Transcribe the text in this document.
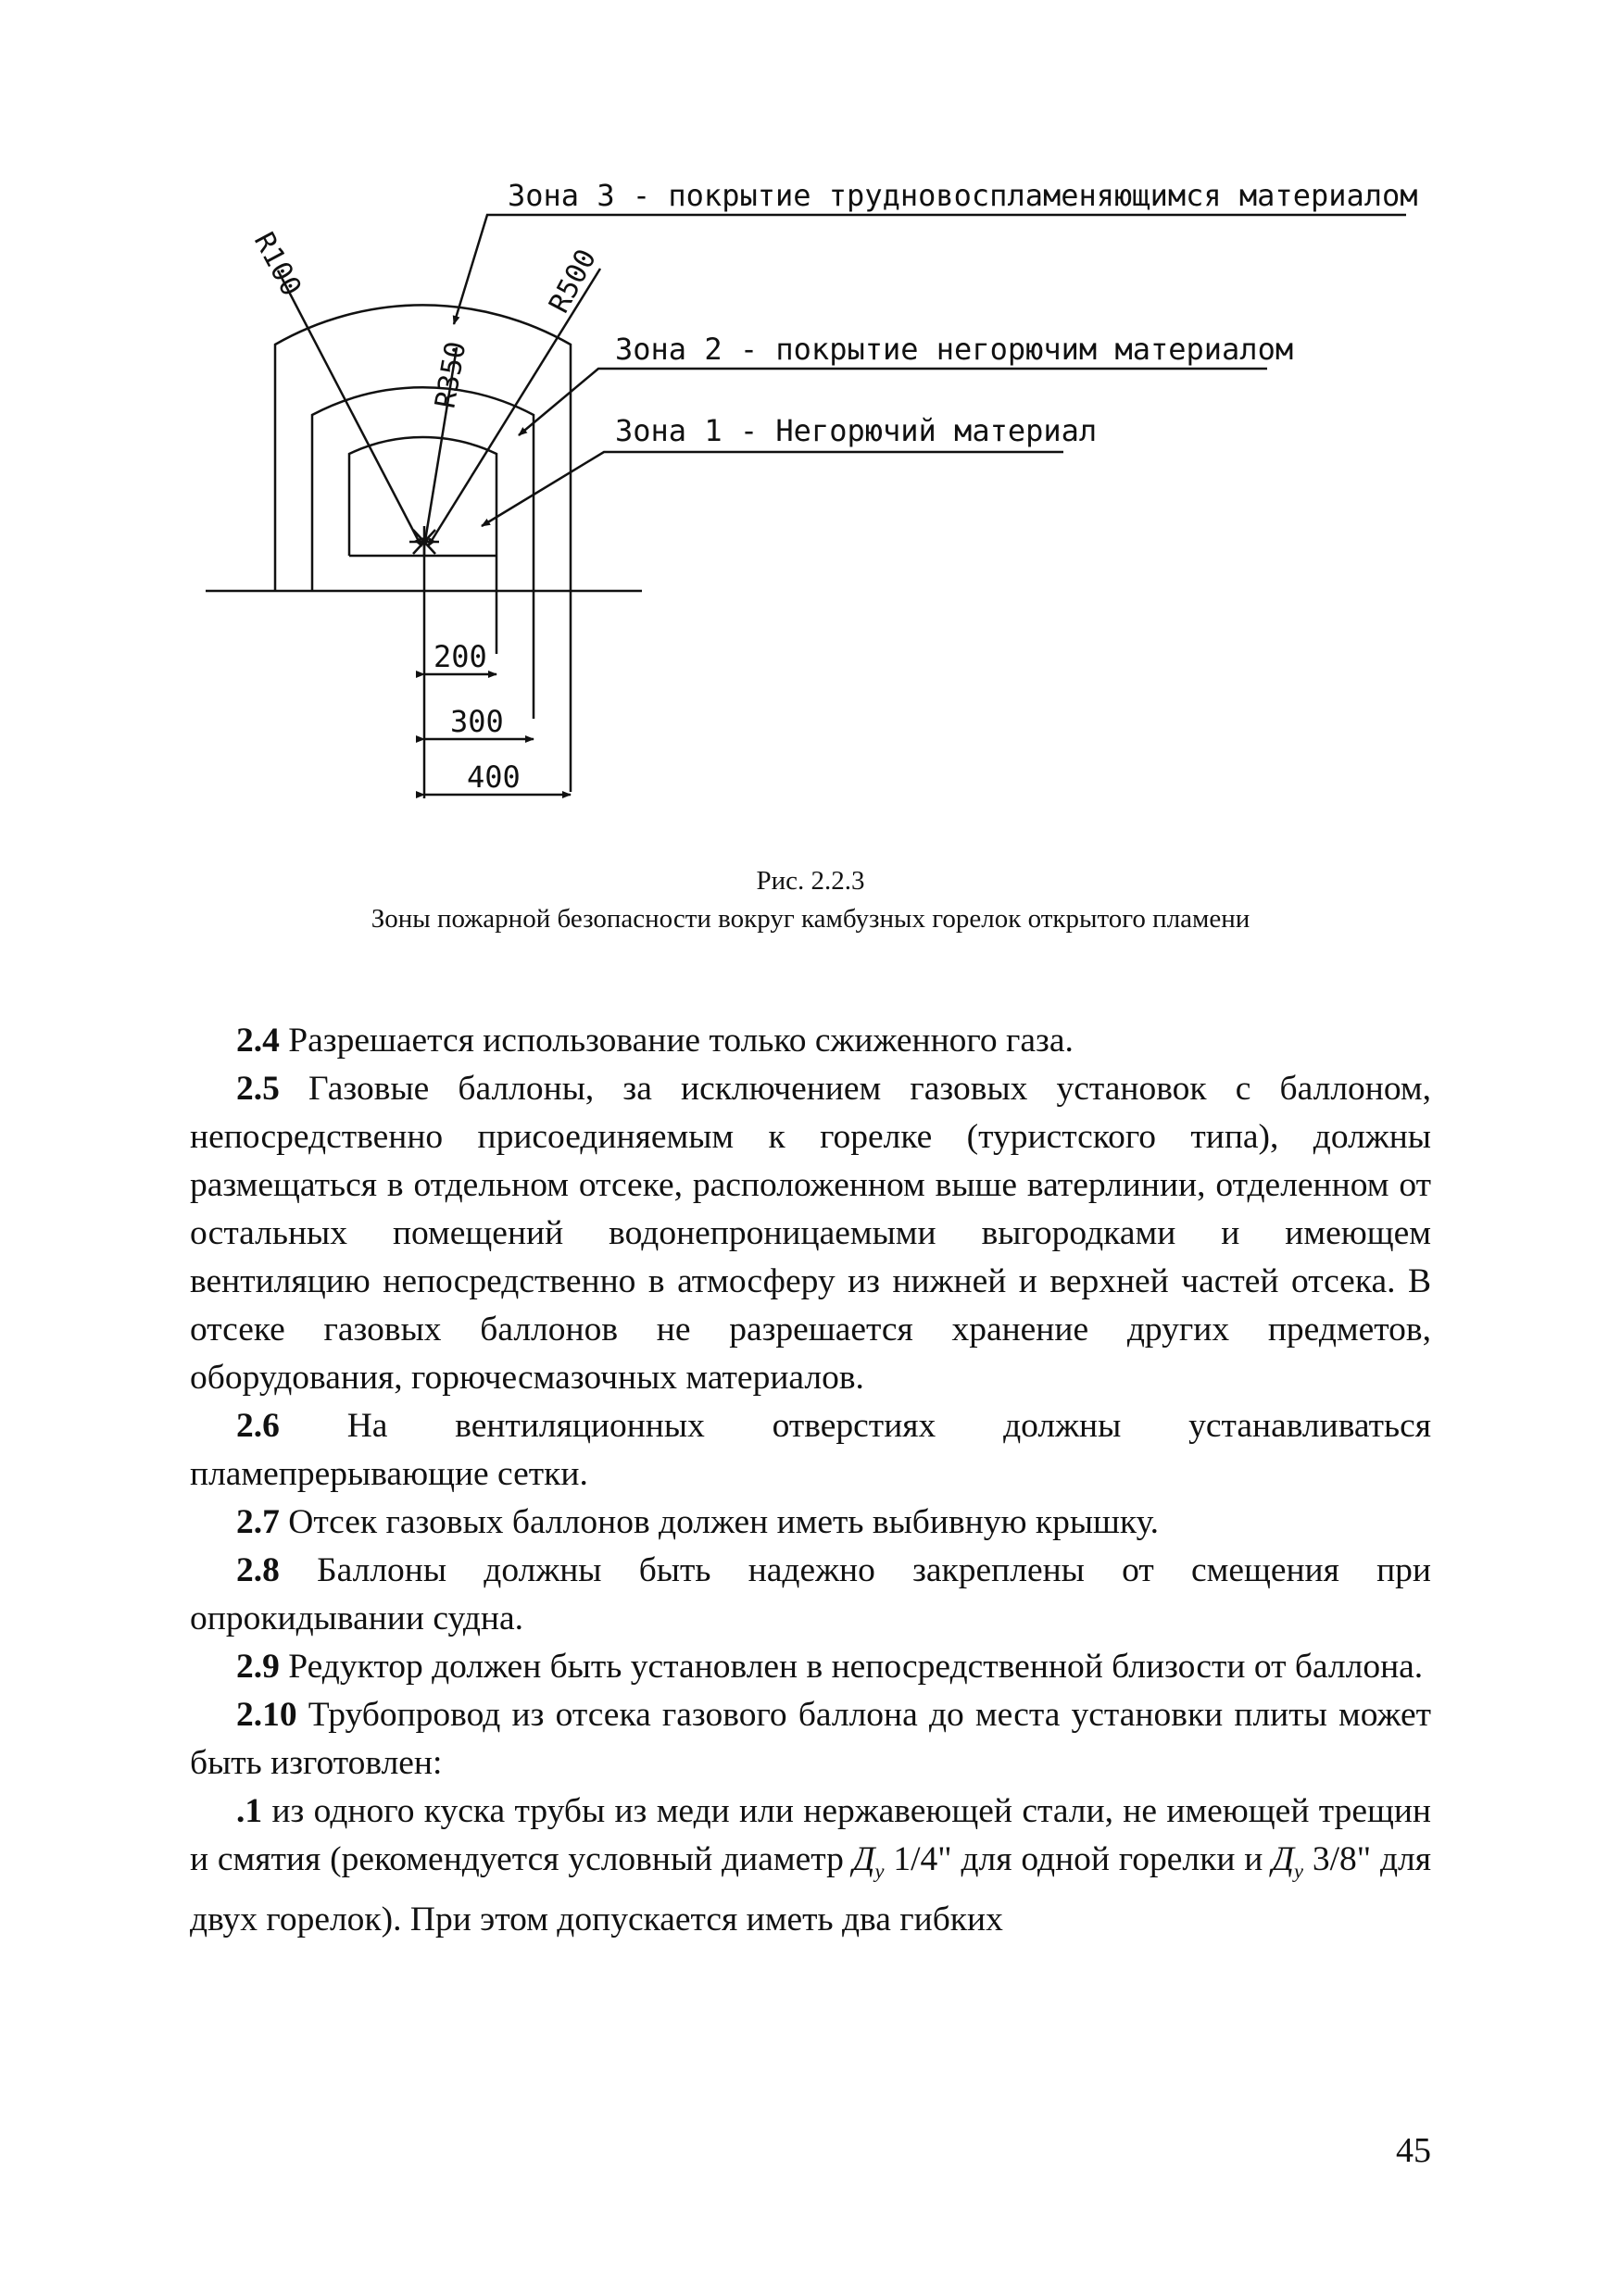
Зона 3 - покрытие трудновоспламеняющимся материалом
Зона 2 - покрытие негорючим материалом
Зона 1 - Негорючий материал
R100
R350
R500
200
300
400
Рис. 2.2.3
Зоны пожарной безопасности вокруг камбузных горелок открытого пламени

2.4 Разрешается использование только сжиженного газа.

2.5 Газовые баллоны, за исключением газовых установок с баллоном, непосредственно присоединяемым к горелке (туристского типа), должны размещаться в отдельном отсеке, расположенном выше ватерлинии, отделенном от остальных помещений водонепроницаемыми выгородками и имеющем вентиляцию непосредственно в атмосферу из нижней и верхней частей отсека. В отсеке газовых баллонов не разрешается хранение других предметов, оборудования, горючесмазочных материалов.

2.6 На вентиляционных отверстиях должны устанавливаться пламепрерывающие сетки.

2.7 Отсек газовых баллонов должен иметь выбивную крышку.

2.8 Баллоны должны быть надежно закреплены от смещения при опрокидывании судна.

2.9 Редуктор должен быть установлен в непосредственной близости от баллона.

2.10 Трубопровод из отсека газового баллона до места установки плиты может быть изготовлен:

.1 из одного куска трубы из меди или нержавеющей стали, не имеющей трещин и смятия (рекомендуется условный диаметр $Д_у$ 1/4" для одной горелки и $Д_у$ 3/8" для двух горелок). При этом допускается иметь два гибких

45
